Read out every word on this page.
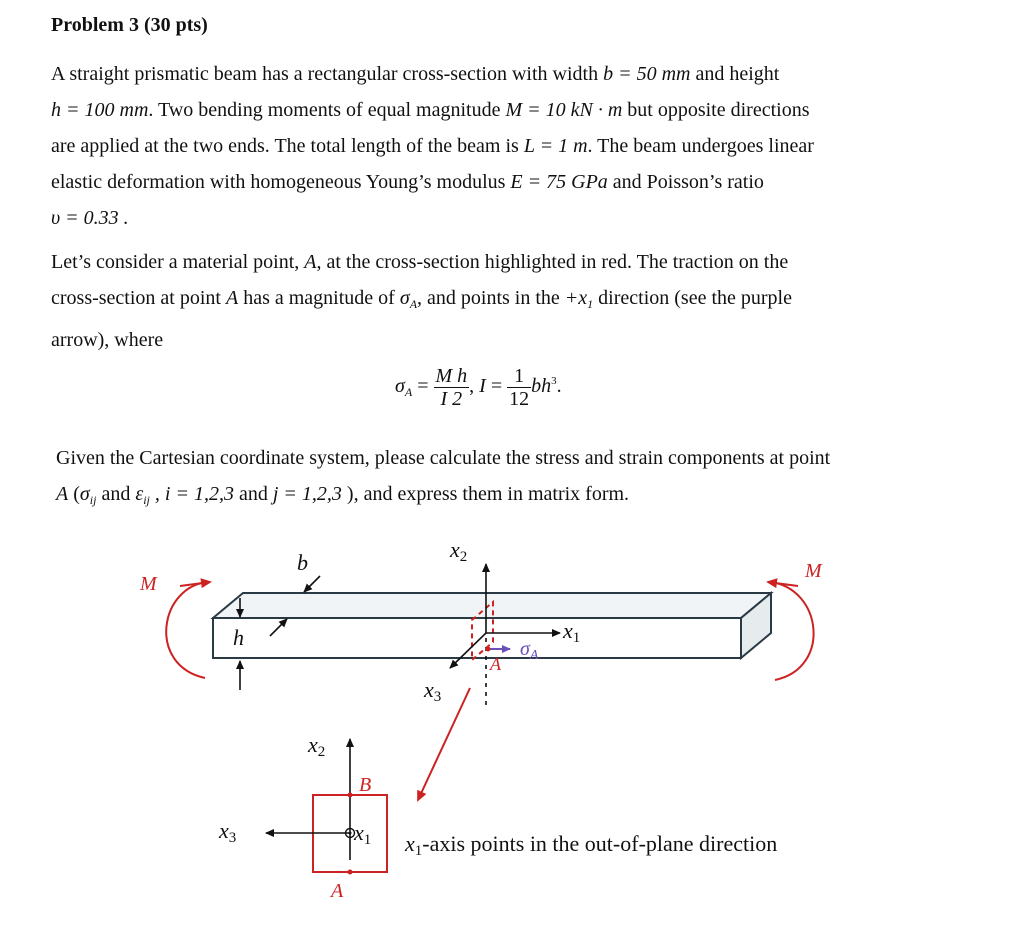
Problem 3 (30 pts)
A straight prismatic beam has a rectangular cross-section with width b = 50 mm and height
h = 100 mm. Two bending moments of equal magnitude M = 10 kN · m but opposite directions
are applied at the two ends. The total length of the beam is L = 1 m. The beam undergoes linear
elastic deformation with homogeneous Young’s modulus E = 75 GPa and Poisson’s ratio
υ = 0.33 .
Let’s consider a material point, A, at the cross-section highlighted in red. The traction on the
cross-section at point A has a magnitude of $\sigma_A$, and points in the $+x_1$ direction (see the purple
arrow), where
$\sigma_A = \frac{\text{M h}}{I 2}$ , $I = \frac{1}{12} bh^3$.
Given the Cartesian coordinate system, please calculate the stress and strain components at point
A ($\sigma_{ij}$ and $\varepsilon_{ij}$ , i = 1,2,3 and j = 1,2,3 ), and express them in matrix form.
M
M
b
h
x2
x1
x3
$\sigma_A$
A
B
A
x2
x3	x1 x1-axis points in the out-of-plane direction
